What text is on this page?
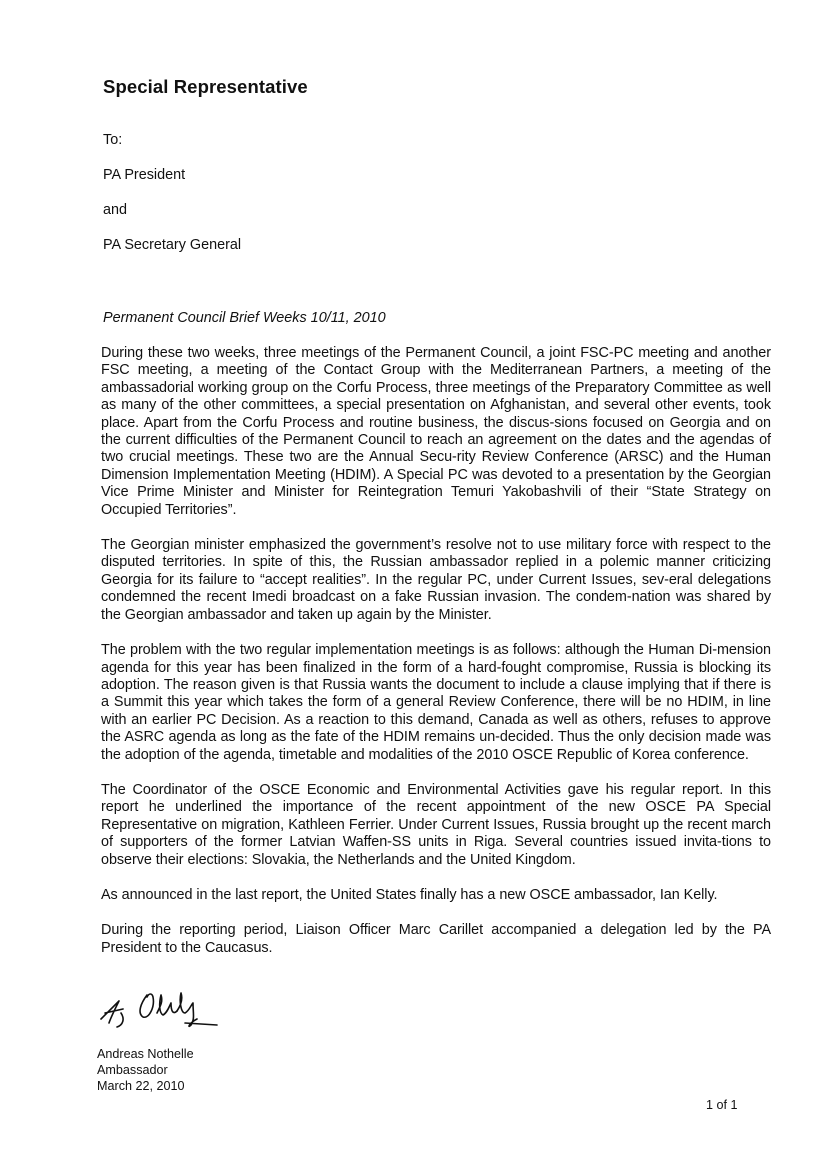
Special Representative
To:
PA President
and
PA Secretary General
Permanent Council Brief Weeks 10/11, 2010

During these two weeks, three meetings of the Permanent Council, a joint FSC-PC meeting and another FSC meeting, a meeting of the Contact Group with the Mediterranean Partners, a meeting of the ambassadorial working group on the Corfu Process, three meetings of the Preparatory Committee as well as many of the other committees, a special presentation on Afghanistan, and several other events, took place. Apart from the Corfu Process and routine business, the discus-sions focused on Georgia and on the current difficulties of the Permanent Council to reach an agreement on the dates and the agendas of two crucial meetings. These two are the Annual Secu-rity Review Conference (ARSC) and the Human Dimension Implementation Meeting (HDIM). A Special PC was devoted to a presentation by the Georgian Vice Prime Minister and Minister for Reintegration Temuri Yakobashvili of their “State Strategy on Occupied Territories”.

The Georgian minister emphasized the government’s resolve not to use military force with respect to the disputed territories. In spite of this, the Russian ambassador replied in a polemic manner criticizing Georgia for its failure to “accept realities”. In the regular PC, under Current Issues, sev-eral delegations condemned the recent Imedi broadcast on a fake Russian invasion. The condem-nation was shared by the Georgian ambassador and taken up again by the Minister.

The problem with the two regular implementation meetings is as follows: although the Human Di-mension agenda for this year has been finalized in the form of a hard-fought compromise, Russia is blocking its adoption. The reason given is that Russia wants the document to include a clause implying that if there is a Summit this year which takes the form of a general Review Conference, there will be no HDIM, in line with an earlier PC Decision. As a reaction to this demand, Canada as well as others, refuses to approve the ASRC agenda as long as the fate of the HDIM remains un-decided. Thus the only decision made was the adoption of the agenda, timetable and modalities of the 2010 OSCE Republic of Korea conference.

The Coordinator of the OSCE Economic and Environmental Activities gave his regular report. In this report he underlined the importance of the recent appointment of the new OSCE PA Special Representative on migration, Kathleen Ferrier. Under Current Issues, Russia brought up the recent march of supporters of the former Latvian Waffen-SS units in Riga. Several countries issued invita-tions to observe their elections: Slovakia, the Netherlands and the United Kingdom.

As announced in the last report, the United States finally has a new OSCE ambassador, Ian Kelly.

During the reporting period, Liaison Officer Marc Carillet accompanied a delegation led by the PA President to the Caucasus.

Andreas Nothelle
Ambassador
March 22, 2010
1 of 1
